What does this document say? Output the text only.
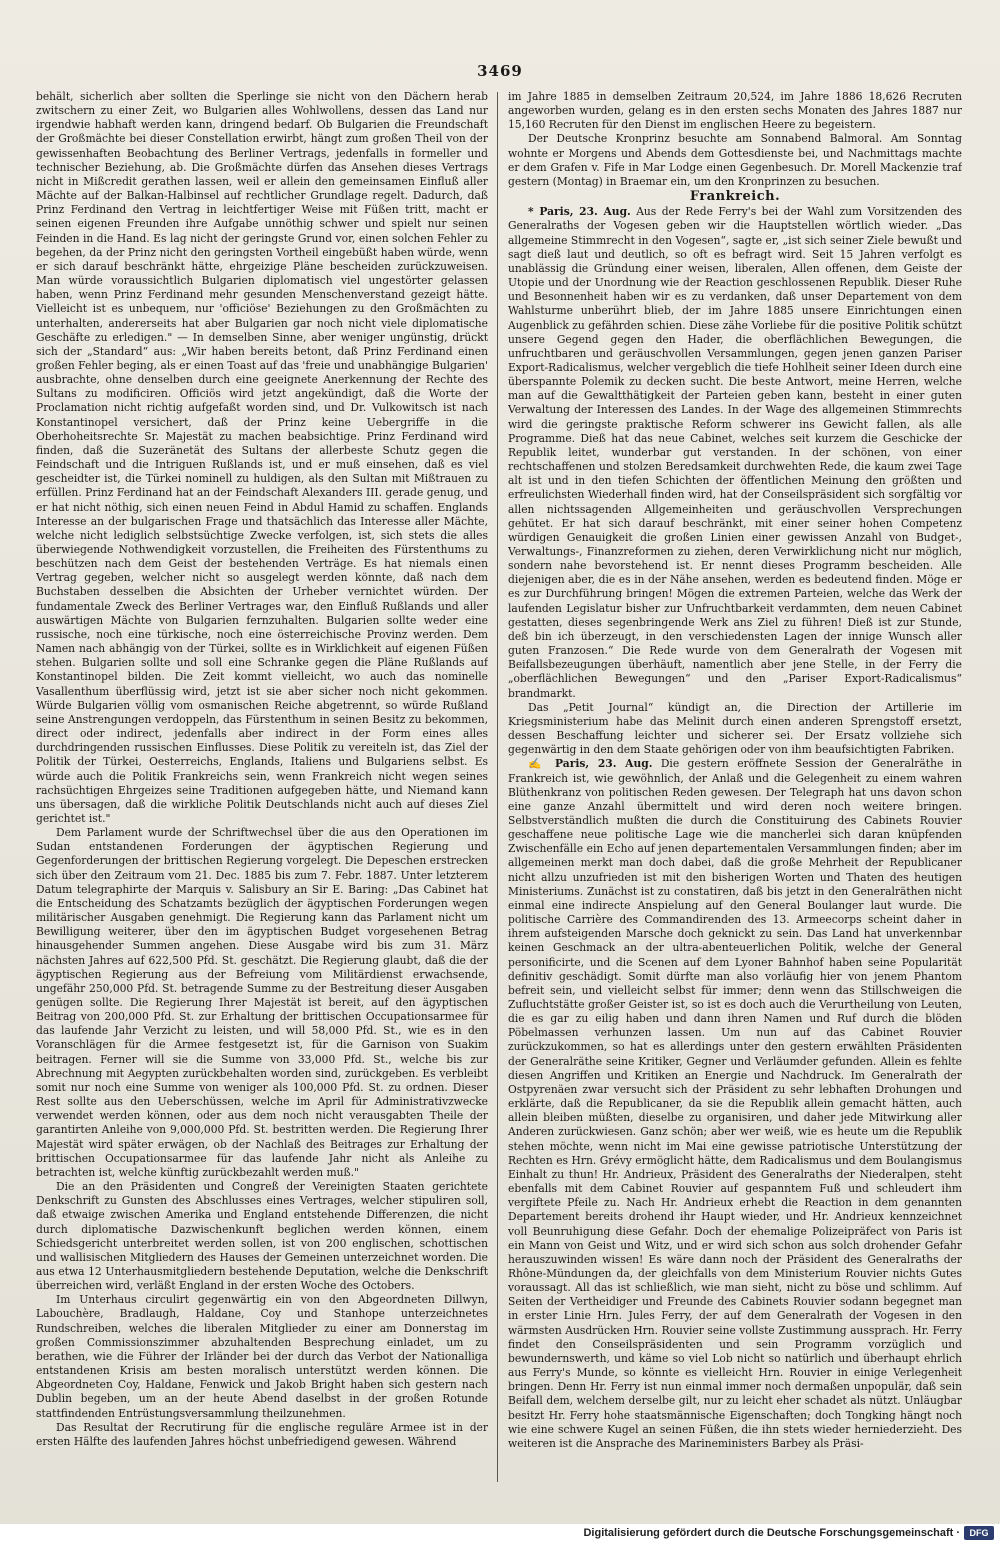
3469

behält, sicherlich aber sollten die Sperlinge sie nicht von den Dächern herab zwitschern zu einer Zeit, wo Bulgarien alles Wohlwollens, dessen das Land nur irgendwie habhaft werden kann, dringend bedarf. Ob Bulgarien die Freundschaft der Großmächte bei dieser Constellation erwirbt, hängt zum großen Theil von der gewissenhaften Beobachtung des Berliner Vertrags, jedenfalls in formeller und technischer Beziehung, ab. Die Großmächte dürfen das Ansehen dieses Vertrags nicht in Mißcredit gerathen lassen, weil er allein den gemeinsamen Einfluß aller Mächte auf der Balkan-Halbinsel auf rechtlicher Grundlage regelt. Dadurch, daß Prinz Ferdinand den Vertrag in leichtfertiger Weise mit Füßen tritt, macht er seinen eigenen Freunden ihre Aufgabe unnöthig schwer und spielt nur seinen Feinden in die Hand. Es lag nicht der geringste Grund vor, einen solchen Fehler zu begehen, da der Prinz nicht den geringsten Vortheil eingebüßt haben würde, wenn er sich darauf beschränkt hätte, ehrgeizige Pläne bescheiden zurückzuweisen. Man würde voraussichtlich Bulgarien diplomatisch viel ungestörter gelassen haben, wenn Prinz Ferdinand mehr gesunden Menschenverstand gezeigt hätte. Vielleicht ist es unbequem, nur 'officiöse' Beziehungen zu den Großmächten zu unterhalten, andererseits hat aber Bulgarien gar noch nicht viele diplomatische Geschäfte zu erledigen." — In demselben Sinne, aber weniger ungünstig, drückt sich der „Standard“ aus: „Wir haben bereits betont, daß Prinz Ferdinand einen großen Fehler beging, als er einen Toast auf das 'freie und unabhängige Bulgarien' ausbrachte, ohne denselben durch eine geeignete Anerkennung der Rechte des Sultans zu modificiren. Officiös wird jetzt angekündigt, daß die Worte der Proclamation nicht richtig aufgefaßt worden sind, und Dr. Vulkowitsch ist nach Konstantinopel versichert, daß der Prinz keine Uebergriffe in die Oberhoheitsrechte Sr. Majestät zu machen beabsichtige. Prinz Ferdinand wird finden, daß die Suzeränetät des Sultans der allerbeste Schutz gegen die Feindschaft und die Intriguen Rußlands ist, und er muß einsehen, daß es viel gescheidter ist, die Türkei nominell zu huldigen, als den Sultan mit Mißtrauen zu erfüllen. Prinz Ferdinand hat an der Feindschaft Alexanders III. gerade genug, und er hat nicht nöthig, sich einen neuen Feind in Abdul Hamid zu schaffen. Englands Interesse an der bulgarischen Frage und thatsächlich das Interesse aller Mächte, welche nicht lediglich selbstsüchtige Zwecke verfolgen, ist, sich stets die alles überwiegende Nothwendigkeit vorzustellen, die Freiheiten des Fürstenthums zu beschützen nach dem Geist der bestehenden Verträge. Es hat niemals einen Vertrag gegeben, welcher nicht so ausgelegt werden könnte, daß nach dem Buchstaben desselben die Absichten der Urheber vernichtet würden. Der fundamentale Zweck des Berliner Vertrages war, den Einfluß Rußlands und aller auswärtigen Mächte von Bulgarien fernzuhalten. Bulgarien sollte weder eine russische, noch eine türkische, noch eine österreichische Provinz werden. Dem Namen nach abhängig von der Türkei, sollte es in Wirklichkeit auf eigenen Füßen stehen. Bulgarien sollte und soll eine Schranke gegen die Pläne Rußlands auf Konstantinopel bilden. Die Zeit kommt vielleicht, wo auch das nominelle Vasallenthum überflüssig wird, jetzt ist sie aber sicher noch nicht gekommen. Würde Bulgarien völlig vom osmanischen Reiche abgetrennt, so würde Rußland seine Anstrengungen verdoppeln, das Fürstenthum in seinen Besitz zu bekommen, direct oder indirect, jedenfalls aber indirect in der Form eines alles durchdringenden russischen Einflusses. Diese Politik zu vereiteln ist, das Ziel der Politik der Türkei, Oesterreichs, Englands, Italiens und Bulgariens selbst. Es würde auch die Politik Frankreichs sein, wenn Frankreich nicht wegen seines rachsüchtigen Ehrgeizes seine Traditionen aufgegeben hätte, und Niemand kann uns übersagen, daß die wirkliche Politik Deutschlands nicht auch auf dieses Ziel gerichtet ist."

Dem Parlament wurde der Schriftwechsel über die aus den Operationen im Sudan entstandenen Forderungen der ägyptischen Regierung und Gegenforderungen der brittischen Regierung vorgelegt. Die Depeschen erstrecken sich über den Zeitraum vom 21. Dec. 1885 bis zum 7. Febr. 1887. Unter letzterem Datum telegraphirte der Marquis v. Salisbury an Sir E. Baring: „Das Cabinet hat die Entscheidung des Schatzamts bezüglich der ägyptischen Forderungen wegen militärischer Ausgaben genehmigt. Die Regierung kann das Parlament nicht um Bewilligung weiterer, über den im ägyptischen Budget vorgesehenen Betrag hinausgehender Summen angehen. Diese Ausgabe wird bis zum 31. März nächsten Jahres auf 622,500 Pfd. St. geschätzt. Die Regierung glaubt, daß die der ägyptischen Regierung aus der Befreiung vom Militärdienst erwachsende, ungefähr 250,000 Pfd. St. betragende Summe zu der Bestreitung dieser Ausgaben genügen sollte. Die Regierung Ihrer Majestät ist bereit, auf den ägyptischen Beitrag von 200,000 Pfd. St. zur Erhaltung der brittischen Occupationsarmee für das laufende Jahr Verzicht zu leisten, und will 58,000 Pfd. St., wie es in den Voranschlägen für die Armee festgesetzt ist, für die Garnison von Suakim beitragen. Ferner will sie die Summe von 33,000 Pfd. St., welche bis zur Abrechnung mit Aegypten zurückbehalten worden sind, zurückgeben. Es verbleibt somit nur noch eine Summe von weniger als 100,000 Pfd. St. zu ordnen. Dieser Rest sollte aus den Ueberschüssen, welche im April für Administrativzwecke verwendet werden können, oder aus dem noch nicht verausgabten Theile der garantirten Anleihe von 9,000,000 Pfd. St. bestritten werden. Die Regierung Ihrer Majestät wird später erwägen, ob der Nachlaß des Beitrages zur Erhaltung der brittischen Occupationsarmee für das laufende Jahr nicht als Anleihe zu betrachten ist, welche künftig zurückbezahlt werden muß."

Die an den Präsidenten und Congreß der Vereinigten Staaten gerichtete Denkschrift zu Gunsten des Abschlusses eines Vertrages, welcher stipuliren soll, daß etwaige zwischen Amerika und England entstehende Differenzen, die nicht durch diplomatische Dazwischenkunft beglichen werden können, einem Schiedsgericht unterbreitet werden sollen, ist von 200 englischen, schottischen und wallisischen Mitgliedern des Hauses der Gemeinen unterzeichnet worden. Die aus etwa 12 Unterhausmitgliedern bestehende Deputation, welche die Denkschrift überreichen wird, verläßt England in der ersten Woche des Octobers.

Im Unterhaus circulirt gegenwärtig ein von den Abgeordneten Dillwyn, Labouchère, Bradlaugh, Haldane, Coy und Stanhope unterzeichnetes Rundschreiben, welches die liberalen Mitglieder zu einer am Donnerstag im großen Commissionszimmer abzuhaltenden Besprechung einladet, um zu berathen, wie die Führer der Irländer bei der durch das Verbot der Nationalliga entstandenen Krisis am besten moralisch unterstützt werden können. Die Abgeordneten Coy, Haldane, Fenwick und Jakob Bright haben sich gestern nach Dublin begeben, um an der heute Abend daselbst in der großen Rotunde stattfindenden Entrüstungsversammlung theilzunehmen.

Das Resultat der Recrutirung für die englische reguläre Armee ist in der ersten Hälfte des laufenden Jahres höchst unbefriedigend gewesen. Während

im Jahre 1885 in demselben Zeitraum 20,524, im Jahre 1886 18,626 Recruten angeworben wurden, gelang es in den ersten sechs Monaten des Jahres 1887 nur 15,160 Recruten für den Dienst im englischen Heere zu begeistern.

Der Deutsche Kronprinz besuchte am Sonnabend Balmoral. Am Sonntag wohnte er Morgens und Abends dem Gottesdienste bei, und Nachmittags machte er dem Grafen v. Fife in Mar Lodge einen Gegenbesuch. Dr. Morell Mackenzie traf gestern (Montag) in Braemar ein, um den Kronprinzen zu besuchen.

Frankreich.

* Paris, 23. Aug. Aus der Rede Ferry's bei der Wahl zum Vorsitzenden des Generalraths der Vogesen geben wir die Hauptstellen wörtlich wieder. „Das allgemeine Stimmrecht in den Vogesen“, sagte er, „ist sich seiner Ziele bewußt und sagt dieß laut und deutlich, so oft es befragt wird. Seit 15 Jahren verfolgt es unablässig die Gründung einer weisen, liberalen, Allen offenen, dem Geiste der Utopie und der Unordnung wie der Reaction geschlossenen Republik. Dieser Ruhe und Besonnenheit haben wir es zu verdanken, daß unser Departement von dem Wahlsturme unberührt blieb, der im Jahre 1885 unsere Einrichtungen einen Augenblick zu gefährden schien. Diese zähe Vorliebe für die positive Politik schützt unsere Gegend gegen den Hader, die oberflächlichen Bewegungen, die unfruchtbaren und geräuschvollen Versammlungen, gegen jenen ganzen Pariser Export-Radicalismus, welcher vergeblich die tiefe Hohlheit seiner Ideen durch eine überspannte Polemik zu decken sucht. Die beste Antwort, meine Herren, welche man auf die Gewaltthätigkeit der Parteien geben kann, besteht in einer guten Verwaltung der Interessen des Landes. In der Wage des allgemeinen Stimmrechts wird die geringste praktische Reform schwerer ins Gewicht fallen, als alle Programme. Dieß hat das neue Cabinet, welches seit kurzem die Geschicke der Republik leitet, wunderbar gut verstanden. In der schönen, von einer rechtschaffenen und stolzen Beredsamkeit durchwehten Rede, die kaum zwei Tage alt ist und in den tiefen Schichten der öffentlichen Meinung den größten und erfreulichsten Wiederhall finden wird, hat der Conseilspräsident sich sorgfältig vor allen nichtssagenden Allgemeinheiten und geräuschvollen Versprechungen gehütet. Er hat sich darauf beschränkt, mit einer seiner hohen Competenz würdigen Genauigkeit die großen Linien einer gewissen Anzahl von Budget-, Verwaltungs-, Finanzreformen zu ziehen, deren Verwirklichung nicht nur möglich, sondern nahe bevorstehend ist. Er nennt dieses Programm bescheiden. Alle diejenigen aber, die es in der Nähe ansehen, werden es bedeutend finden. Möge er es zur Durchführung bringen! Mögen die extremen Parteien, welche das Werk der laufenden Legislatur bisher zur Unfruchtbarkeit verdammten, dem neuen Cabinet gestatten, dieses segenbringende Werk ans Ziel zu führen! Dieß ist zur Stunde, deß bin ich überzeugt, in den verschiedensten Lagen der innige Wunsch aller guten Franzosen.“ Die Rede wurde von dem Generalrath der Vogesen mit Beifallsbezeugungen überhäuft, namentlich aber jene Stelle, in der Ferry die „oberflächlichen Bewegungen“ und den „Pariser Export-Radicalismus“ brandmarkt.

Das „Petit Journal“ kündigt an, die Direction der Artillerie im Kriegsministerium habe das Melinit durch einen anderen Sprengstoff ersetzt, dessen Beschaffung leichter und sicherer sei. Der Ersatz vollziehe sich gegenwärtig in den dem Staate gehörigen oder von ihm beaufsichtigten Fabriken.

✍ Paris, 23. Aug. Die gestern eröffnete Session der Generalräthe in Frankreich ist, wie gewöhnlich, der Anlaß und die Gelegenheit zu einem wahren Blüthenkranz von politischen Reden gewesen. Der Telegraph hat uns davon schon eine ganze Anzahl übermittelt und wird deren noch weitere bringen. Selbstverständlich mußten die durch die Constituirung des Cabinets Rouvier geschaffene neue politische Lage wie die mancherlei sich daran knüpfenden Zwischenfälle ein Echo auf jenen departementalen Versammlungen finden; aber im allgemeinen merkt man doch dabei, daß die große Mehrheit der Republicaner nicht allzu unzufrieden ist mit den bisherigen Worten und Thaten des heutigen Ministeriums. Zunächst ist zu constatiren, daß bis jetzt in den Generalräthen nicht einmal eine indirecte Anspielung auf den General Boulanger laut wurde. Die politische Carrière des Commandirenden des 13. Armeecorps scheint daher in ihrem aufsteigenden Marsche doch geknickt zu sein. Das Land hat unverkennbar keinen Geschmack an der ultra-abenteuerlichen Politik, welche der General personificirte, und die Scenen auf dem Lyoner Bahnhof haben seine Popularität definitiv geschädigt. Somit dürfte man also vorläufig hier von jenem Phantom befreit sein, und vielleicht selbst für immer; denn wenn das Stillschweigen die Zufluchtstätte großer Geister ist, so ist es doch auch die Verurtheilung von Leuten, die es gar zu eilig haben und dann ihren Namen und Ruf durch die blöden Pöbelmassen verhunzen lassen. Um nun auf das Cabinet Rouvier zurückzukommen, so hat es allerdings unter den gestern erwählten Präsidenten der Generalräthe seine Kritiker, Gegner und Verläumder gefunden. Allein es fehlte diesen Angriffen und Kritiken an Energie und Nachdruck. Im Generalrath der Ostpyrenäen zwar versucht sich der Präsident zu sehr lebhaften Drohungen und erklärte, daß die Republicaner, da sie die Republik allein gemacht hätten, auch allein bleiben müßten, dieselbe zu organisiren, und daher jede Mitwirkung aller Anderen zurückwiesen. Ganz schön; aber wer weiß, wie es heute um die Republik stehen möchte, wenn nicht im Mai eine gewisse patriotische Unterstützung der Rechten es Hrn. Grévy ermöglicht hätte, dem Radicalismus und dem Boulangismus Einhalt zu thun! Hr. Andrieux, Präsident des Generalraths der Niederalpen, steht ebenfalls mit dem Cabinet Rouvier auf gespanntem Fuß und schleudert ihm vergiftete Pfeile zu. Nach Hr. Andrieux erhebt die Reaction in dem genannten Departement bereits drohend ihr Haupt wieder, und Hr. Andrieux kennzeichnet voll Beunruhigung diese Gefahr. Doch der ehemalige Polizeipräfect von Paris ist ein Mann von Geist und Witz, und er wird sich schon aus solch drohender Gefahr herauszuwinden wissen! Es wäre dann noch der Präsident des Generalraths der Rhône-Mündungen da, der gleichfalls von dem Ministerium Rouvier nichts Gutes voraussagt. All das ist schließlich, wie man sieht, nicht zu böse und schlimm. Auf Seiten der Vertheidiger und Freunde des Cabinets Rouvier sodann begegnet man in erster Linie Hrn. Jules Ferry, der auf dem Generalrath der Vogesen in den wärmsten Ausdrücken Hrn. Rouvier seine vollste Zustimmung aussprach. Hr. Ferry findet den Conseilspräsidenten und sein Programm vorzüglich und bewundernswerth, und käme so viel Lob nicht so natürlich und überhaupt ehrlich aus Ferry's Munde, so könnte es vielleicht Hrn. Rouvier in einige Verlegenheit bringen. Denn Hr. Ferry ist nun einmal immer noch dermaßen unpopulär, daß sein Beifall dem, welchem derselbe gilt, nur zu leicht eher schadet als nützt. Unläugbar besitzt Hr. Ferry hohe staatsmännische Eigenschaften; doch Tongking hängt noch wie eine schwere Kugel an seinen Füßen, die ihn stets wieder herniederzieht. Des weiteren ist die Ansprache des Marineministers Barbey als Präsi-

Digitalisierung gefördert durch die Deutsche Forschungsgemeinschaft ·	DFG
